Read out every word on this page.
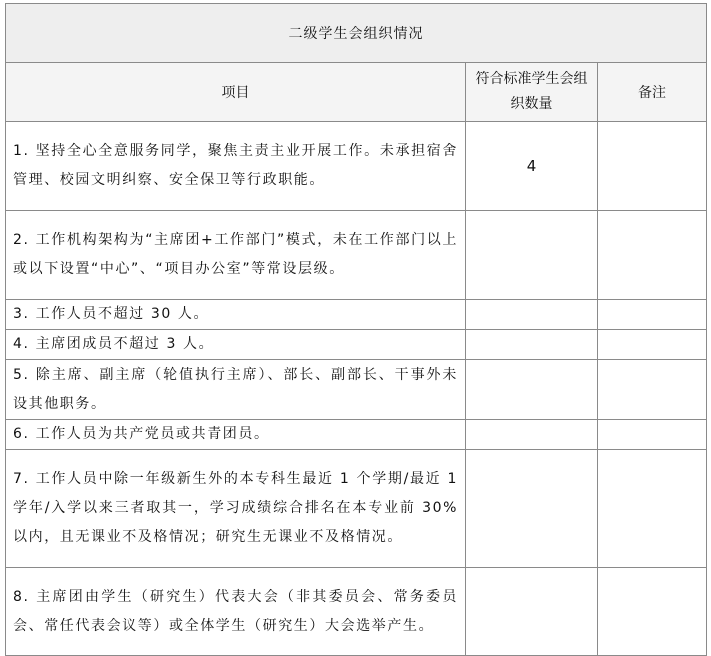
二级学生会组织情况		
项目	符合标准学生会组织数量	备注
1. 坚持全心全意服务同学，聚焦主责主业开展工作。未承担宿舍管理、校园文明纠察、安全保卫等行政职能。	4	
2. 工作机构架构为“主席团+工作部门”模式，未在工作部门以上或以下设置“中心”、“项目办公室”等常设层级。		
3. 工作人员不超过 30 人。		
4. 主席团成员不超过 3 人。		
5. 除主席、副主席（轮值执行主席）、部长、副部长、干事外未设其他职务。		
6. 工作人员为共产党员或共青团员。		
7. 工作人员中除一年级新生外的本专科生最近 1 个学期/最近 1 学年/入学以来三者取其一，学习成绩综合排名在本专业前 30%以内，且无课业不及格情况；研究生无课业不及格情况。		
8. 主席团由学生（研究生）代表大会（非其委员会、常务委员会、常任代表会议等）或全体学生（研究生）大会选举产生。		
